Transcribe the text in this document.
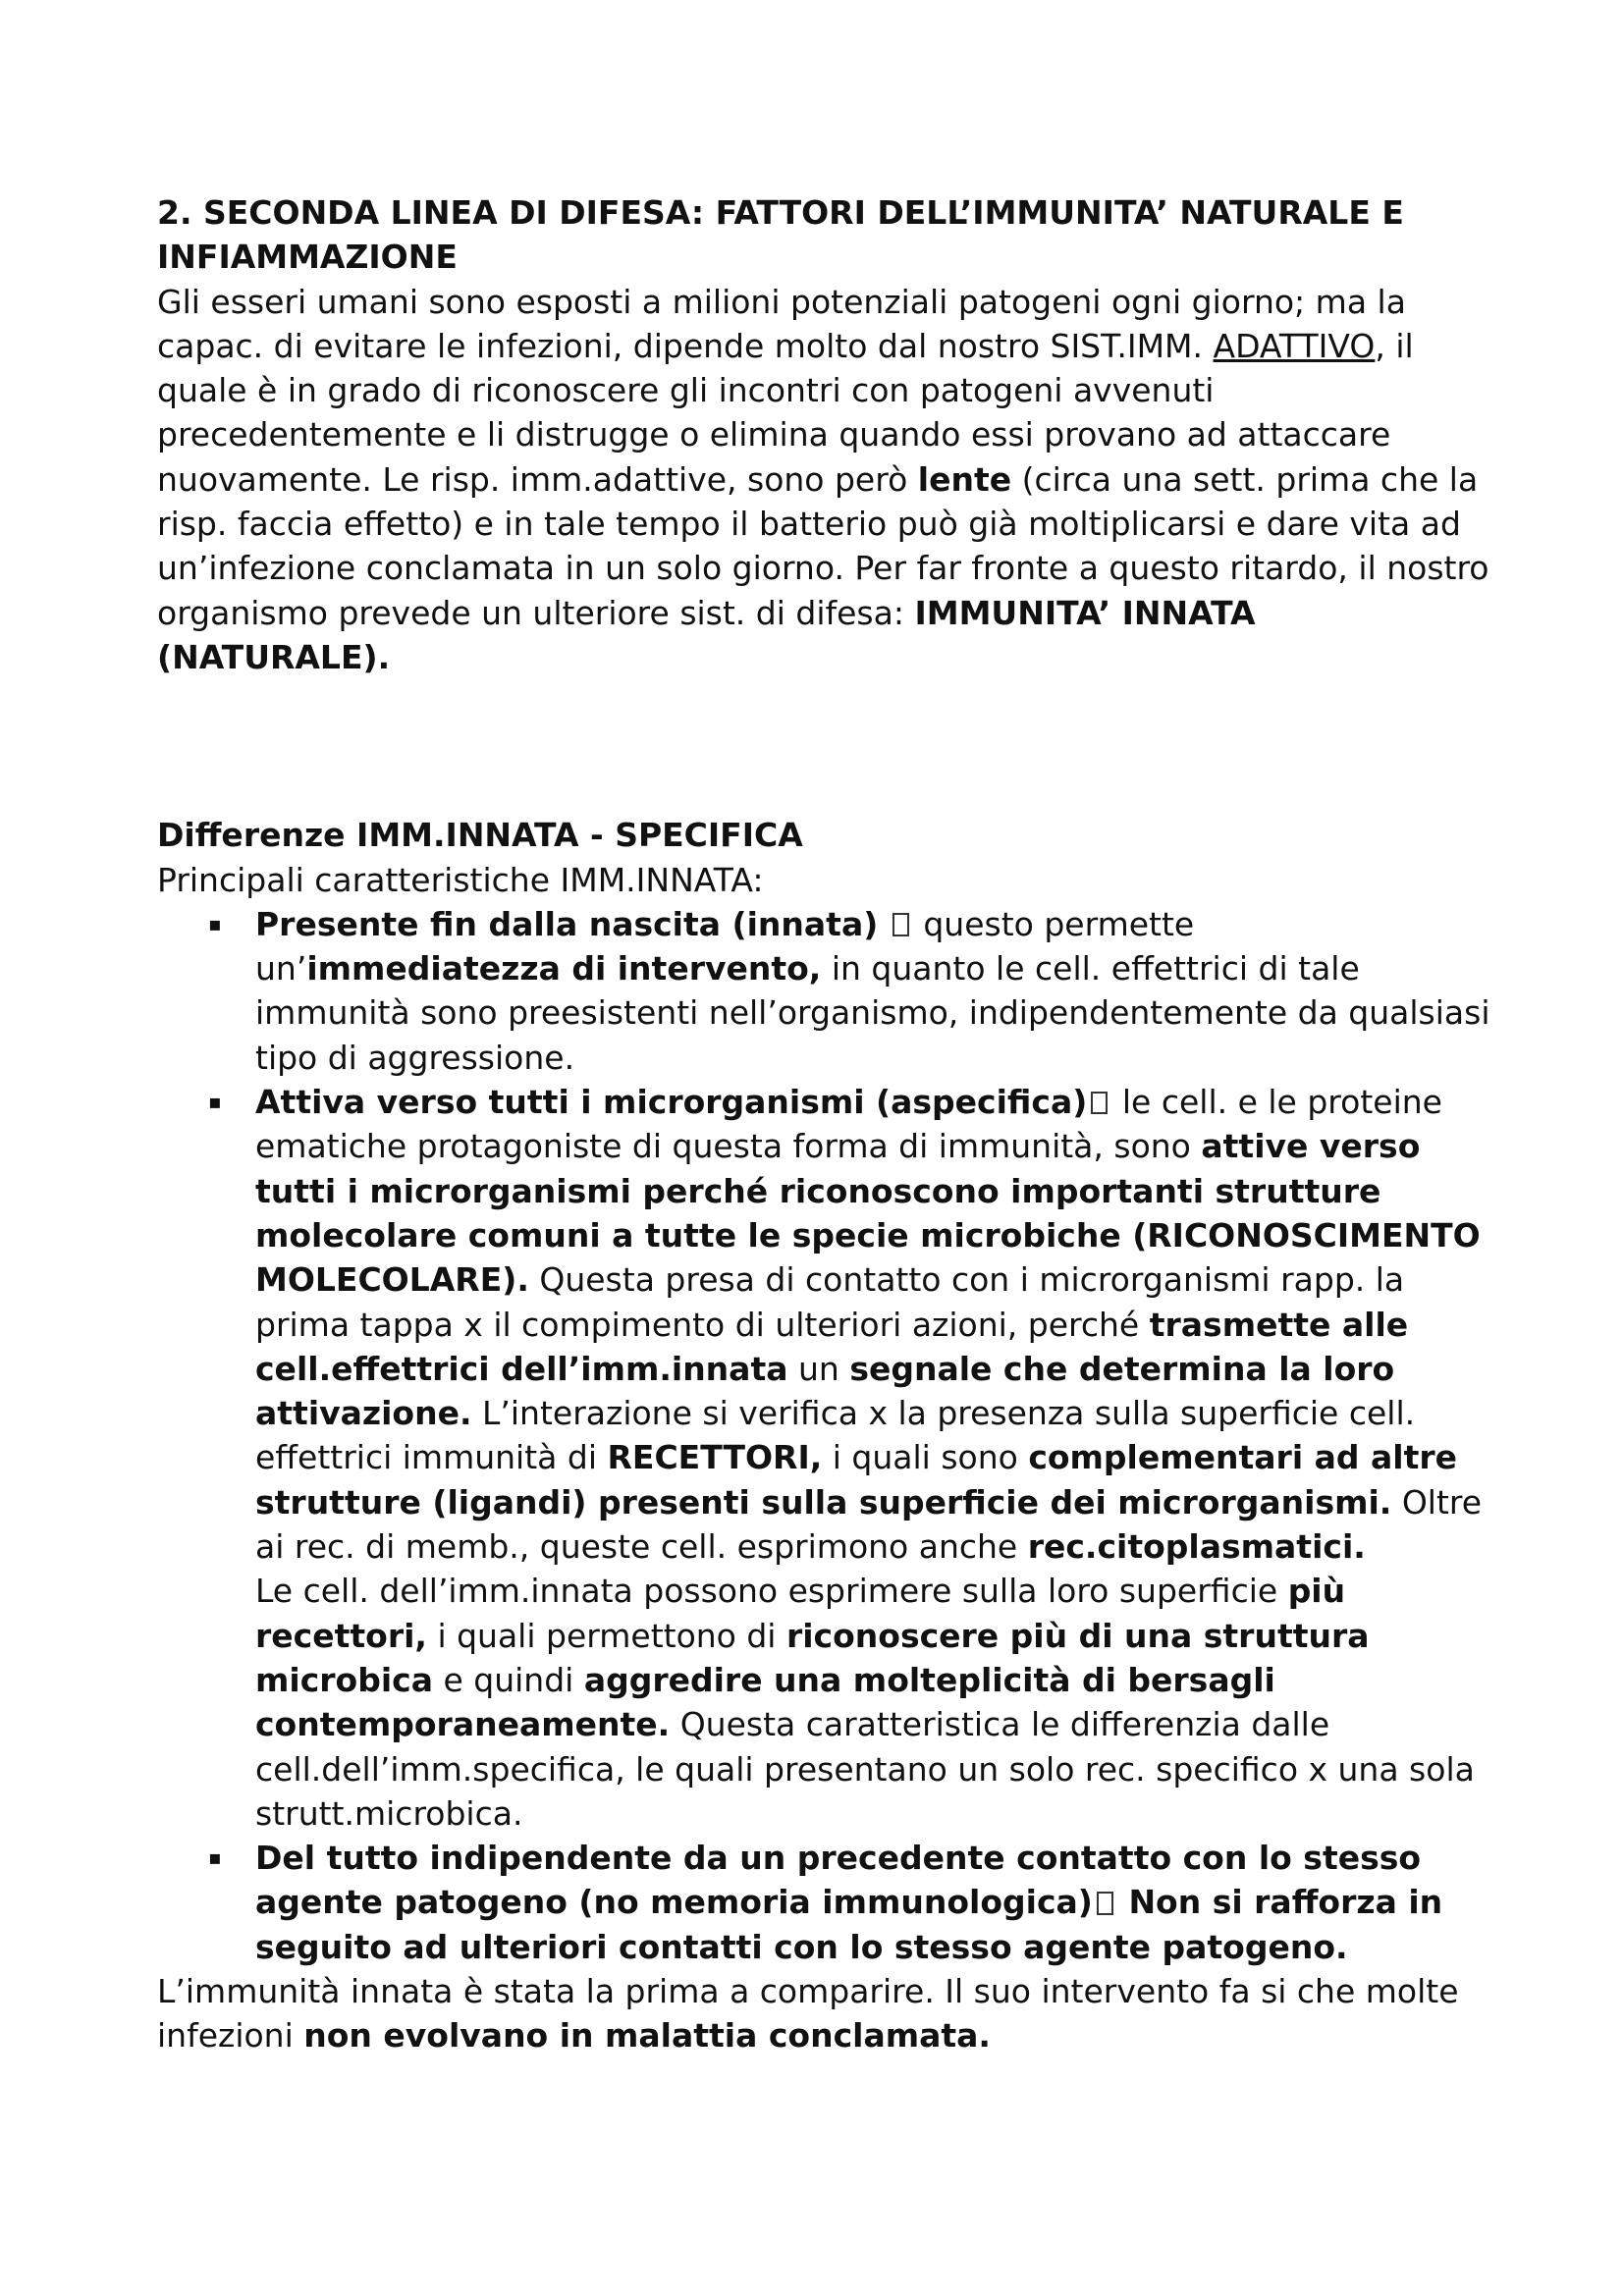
2. SECONDA LINEA DI DIFESA: FATTORI DELL’IMMUNITA’ NATURALE E INFIAMMAZIONE

Gli esseri umani sono esposti a milioni potenziali patogeni ogni giorno; ma la capac. di evitare le infezioni, dipende molto dal nostro SIST.IMM. ADATTIVO, il quale è in grado di riconoscere gli incontri con patogeni avvenuti precedentemente e li distrugge o elimina quando essi provano ad attaccare nuovamente. Le risp. imm.adattive, sono però lente (circa una sett. prima che la risp. faccia effetto) e in tale tempo il batterio può già moltiplicarsi e dare vita ad un’infezione conclamata in un solo giorno. Per far fronte a questo ritardo, il nostro organismo prevede un ulteriore sist. di difesa: IMMUNITA’ INNATA (NATURALE).

Differenze IMM.INNATA - SPECIFICA
Principali caratteristiche IMM.INNATA:
▪ Presente fin dalla nascita (innata)  questo permette un’immediatezza di intervento, in quanto le cell. effettrici di tale immunità sono preesistenti nell’organismo, indipendentemente da qualsiasi tipo di aggressione.
▪ Attiva verso tutti i microrganismi (aspecifica) le cell. e le proteine ematiche protagoniste di questa forma di immunità, sono attive verso tutti i microrganismi perché riconoscono importanti strutture molecolare comuni a tutte le specie microbiche (RICONOSCIMENTO MOLECOLARE). Questa presa di contatto con i microrganismi rapp. la prima tappa x il compimento di ulteriori azioni, perché trasmette alle cell.effettrici dell’imm.innata un segnale che determina la loro attivazione. L’interazione si verifica x la presenza sulla superficie cell. effettrici immunità di RECETTORI, i quali sono complementari ad altre strutture (ligandi) presenti sulla superficie dei microrganismi. Oltre ai rec. di memb., queste cell. esprimono anche rec.citoplasmatici.
Le cell. dell’imm.innata possono esprimere sulla loro superficie più recettori, i quali permettono di riconoscere più di una struttura microbica e quindi aggredire una molteplicità di bersagli contemporaneamente. Questa caratteristica le differenzia dalle cell.dell’imm.specifica, le quali presentano un solo rec. specifico x una sola strutt.microbica.
▪ Del tutto indipendente da un precedente contatto con lo stesso agente patogeno (no memoria immunologica) Non si rafforza in seguito ad ulteriori contatti con lo stesso agente patogeno.

L’immunità innata è stata la prima a comparire. Il suo intervento fa si che molte infezioni non evolvano in malattia conclamata.
